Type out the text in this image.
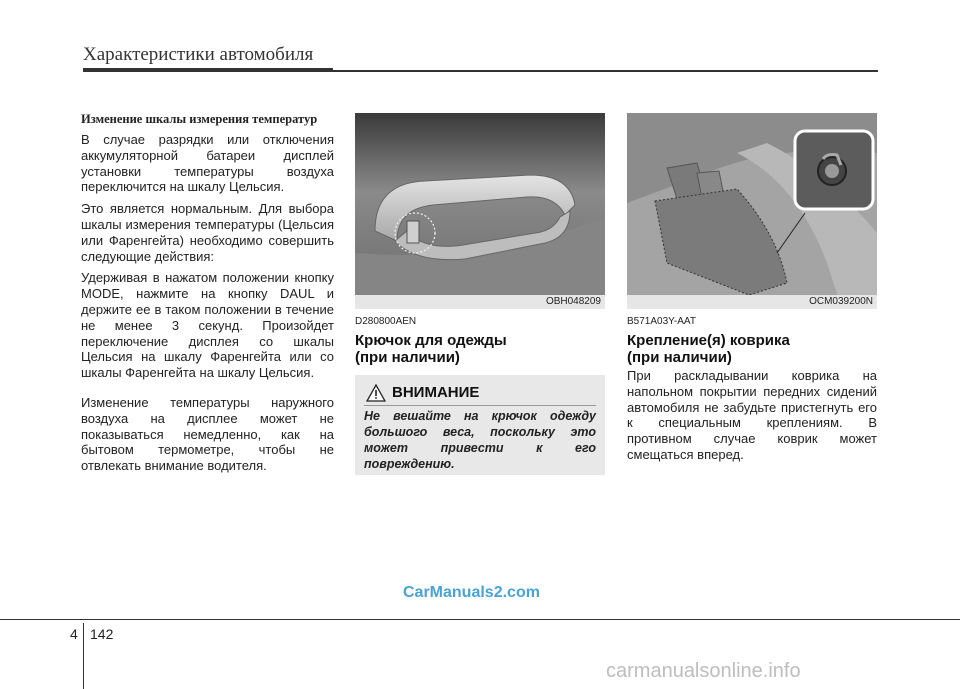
Характеристики автомобиля
Изменение шкалы измерения температур

В случае разрядки или отключения аккумуляторной батареи дисплей установки температуры воздуха переключится на шкалу Цельсия.

Это является нормальным. Для выбора шкалы измерения температуры (Цельсия или Фаренгейта) необходимо совершить следующие действия:

Удерживая в нажатом положении кнопку MODE, нажмите на кнопку DAUL и держите ее в таком положении в течение не менее 3 секунд. Произойдет переключение дисплея со шкалы Цельсия на шкалу Фаренгейта или со шкалы Фаренгейта на шкалу Цельсия.

Изменение температуры наружного воздуха на дисплее может не показываться немедленно, как на бытовом термометре, чтобы не отвлекать внимание водителя.

OBH048209
D280800AEN
Крючок для одежды
(при наличии)
ВНИМАНИЕ
Не вешайте на крючок одежду большого веса, поскольку это может привести к его повреждению.
OCM039200N
B571A03Y-AAT
Крепление(я) коврика
(при наличии)

При раскладывании коврика на напольном покрытии передних сидений автомобиля не забудьте пристегнуть его к специальным креплениям. В противном случае коврик может смещаться вперед.

CarManuals2.com
4 142
carmanualsonline.info
